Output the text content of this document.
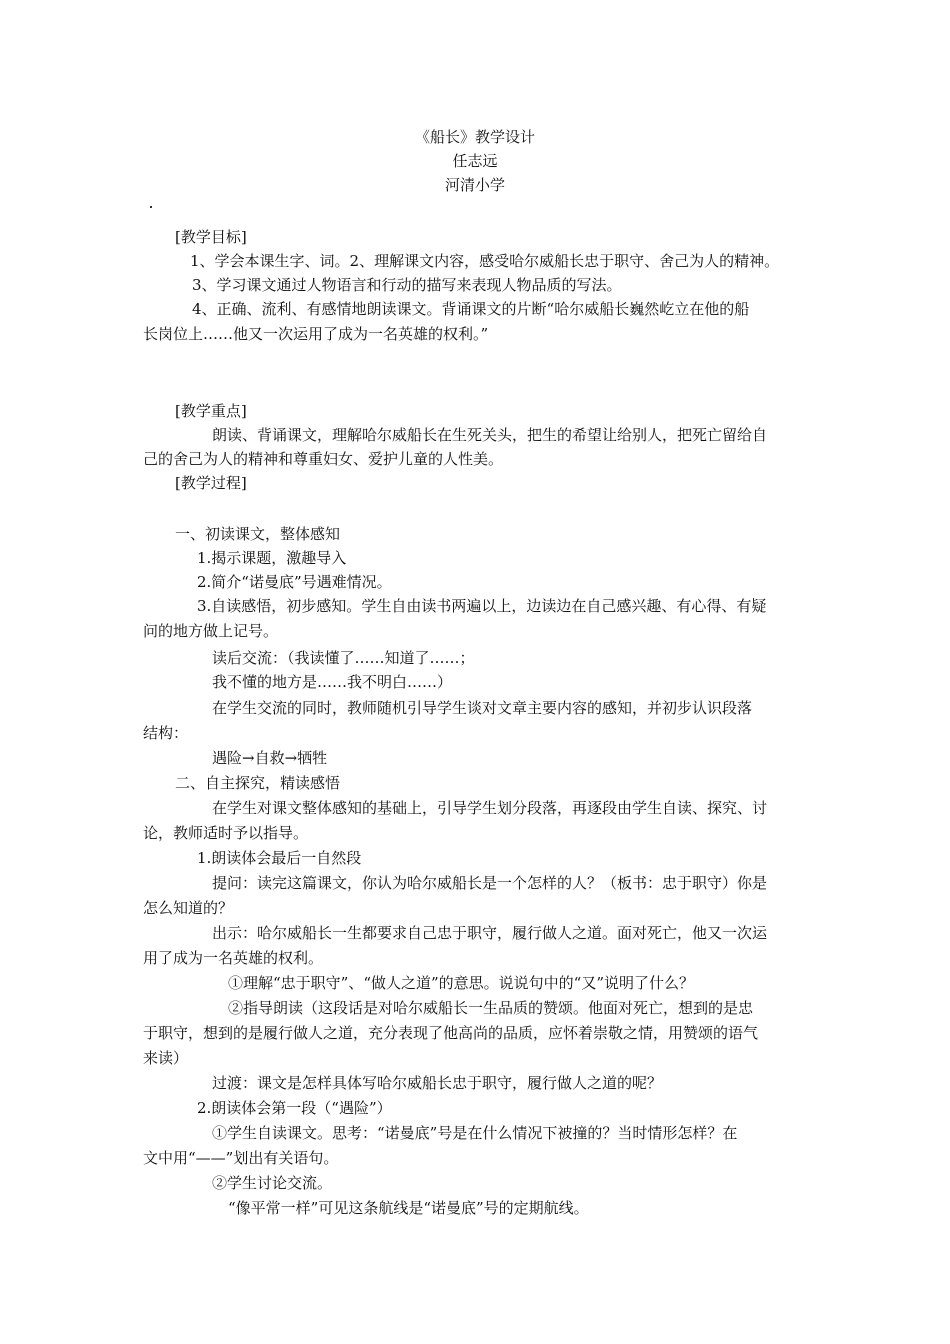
《船长》教学设计
任志远
河清小学
[教学目标]
1、学会本课生字、词。2、理解课文内容，感受哈尔威船长忠于职守、舍己为人的精神。
3、学习课文通过人物语言和行动的描写来表现人物品质的写法。
4、正确、流利、有感情地朗读课文。背诵课文的片断“哈尔威船长巍然屹立在他的船
长岗位上……他又一次运用了成为一名英雄的权利。”
[教学重点]
朗读、背诵课文，理解哈尔威船长在生死关头，把生的希望让给别人，把死亡留给自
己的舍己为人的精神和尊重妇女、爱护儿童的人性美。
[教学过程]
一、初读课文，整体感知
1.揭示课题，激趣导入
2.简介“诺曼底”号遇难情况。
3.自读感悟，初步感知。学生自由读书两遍以上，边读边在自己感兴趣、有心得、有疑
问的地方做上记号。
读后交流：（我读懂了……知道了……；
我不懂的地方是……我不明白……）
在学生交流的同时，教师随机引导学生谈对文章主要内容的感知，并初步认识段落
结构：
遇险→自救→牺牲
二、自主探究，精读感悟
在学生对课文整体感知的基础上，引导学生划分段落，再逐段由学生自读、探究、讨
论，教师适时予以指导。
1.朗读体会最后一自然段
提问：读完这篇课文，你认为哈尔威船长是一个怎样的人？（板书：忠于职守）你是
怎么知道的？
出示：哈尔威船长一生都要求自己忠于职守，履行做人之道。面对死亡，他又一次运
用了成为一名英雄的权利。
①理解“忠于职守”、“做人之道”的意思。说说句中的“又”说明了什么？
②指导朗读（这段话是对哈尔威船长一生品质的赞颂。他面对死亡，想到的是忠
于职守，想到的是履行做人之道，充分表现了他高尚的品质，应怀着崇敬之情，用赞颂的语气
来读）
过渡：课文是怎样具体写哈尔威船长忠于职守，履行做人之道的呢？
2.朗读体会第一段（“遇险”）
①学生自读课文。思考：“诺曼底”号是在什么情况下被撞的？当时情形怎样？在
文中用“——”划出有关语句。
②学生讨论交流。
“像平常一样”可见这条航线是“诺曼底”号的定期航线。
